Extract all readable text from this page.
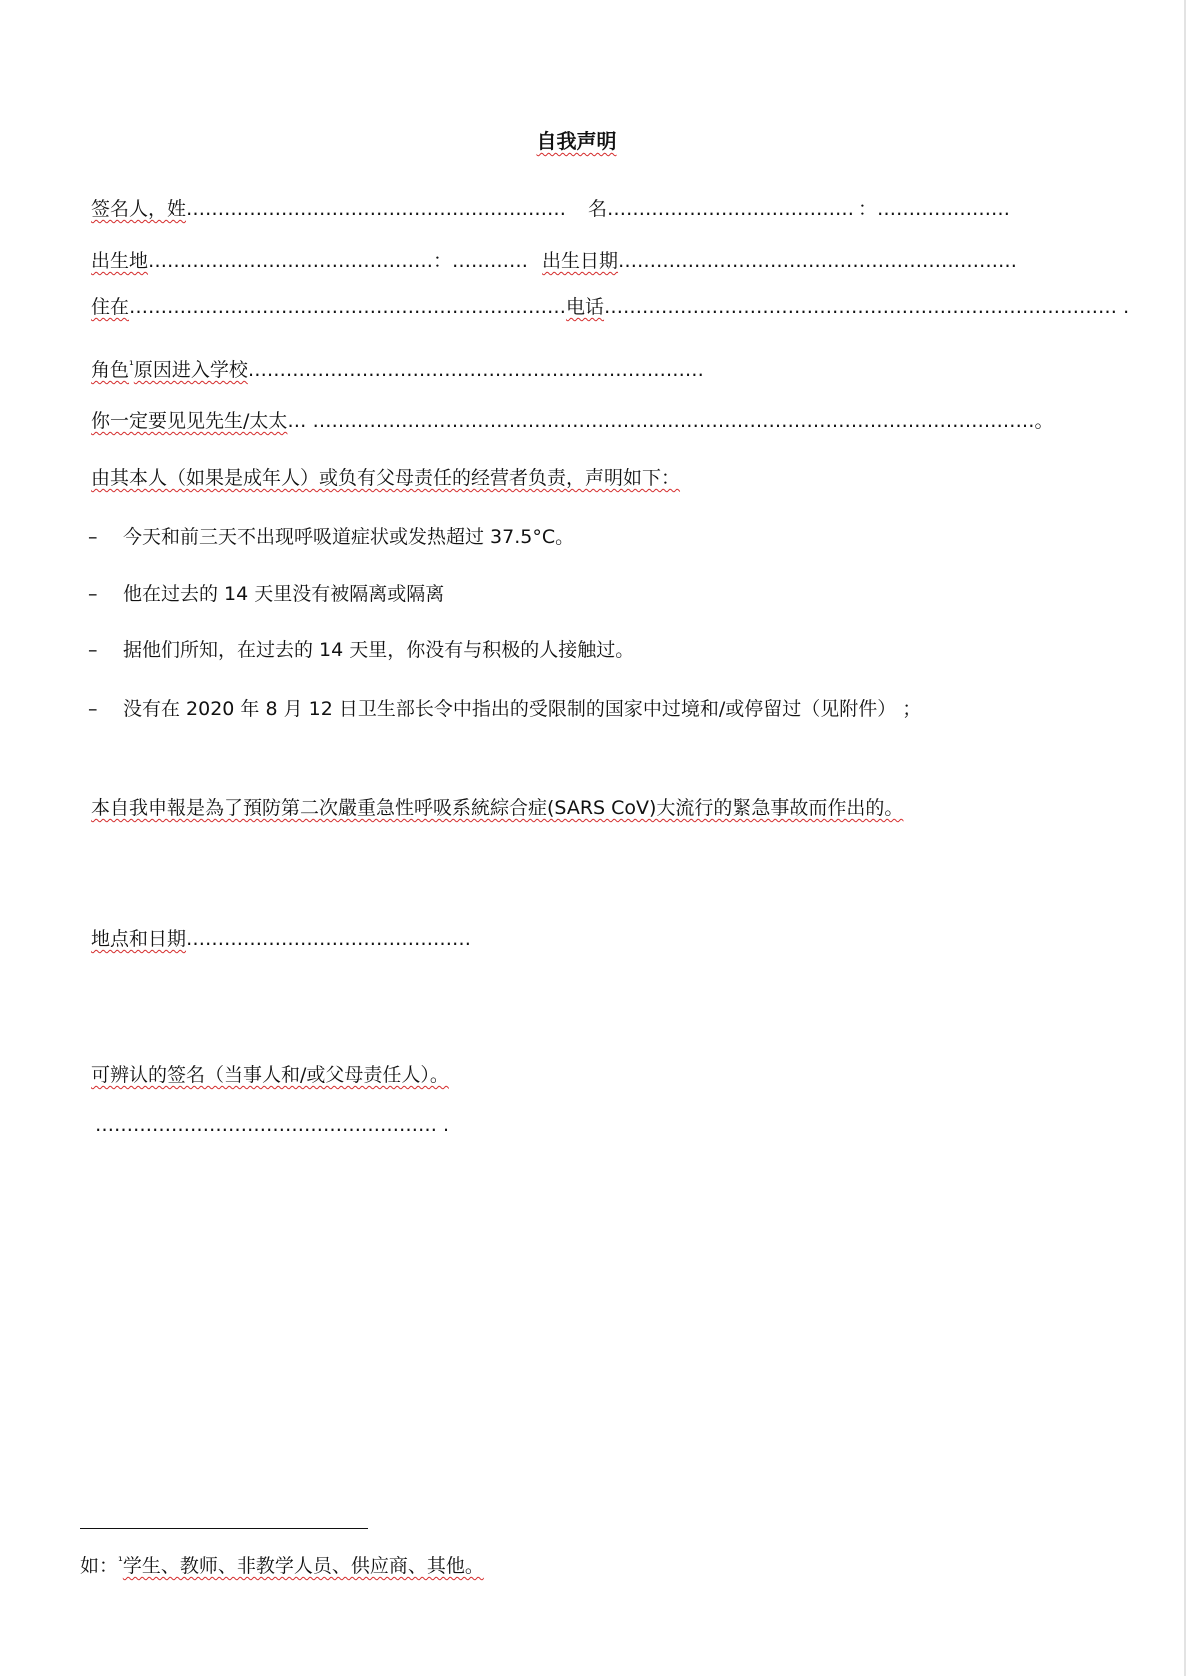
自我声明
签名人，姓…………………………………………………… 名………………………………… ：…………………
出生地………………………………………：………… 出生日期………………………………………………………
住在……………………………………………………………电话……………………………………………………………………… .
角色$^{^1}$原因进入学校………………………………………………………………
你一定要见见先生/太太… ……………………………………………………………………………………………………。
由其本人（如果是成年人）或负有父母责任的经营者负责，声明如下：
– 今天和前三天不出现呼吸道症状或发热超过 37.5°C。
– 他在过去的 14 天里没有被隔离或隔离
– 据他们所知，在过去的 14 天里，你没有与积极的人接触过。
– 没有在 2020 年 8 月 12 日卫生部长令中指出的受限制的国家中过境和/或停留过（见附件） ；
本自我申報是為了預防第二次嚴重急性呼吸系統綜合症(SARS CoV)大流行的緊急事故而作出的。
地点和日期………………………………………
可辨认的签名（当事人和/或父母责任人）。
……………………………………………… .
如：$^{^1}$学生、教师、非教学人员、供应商、其他。
